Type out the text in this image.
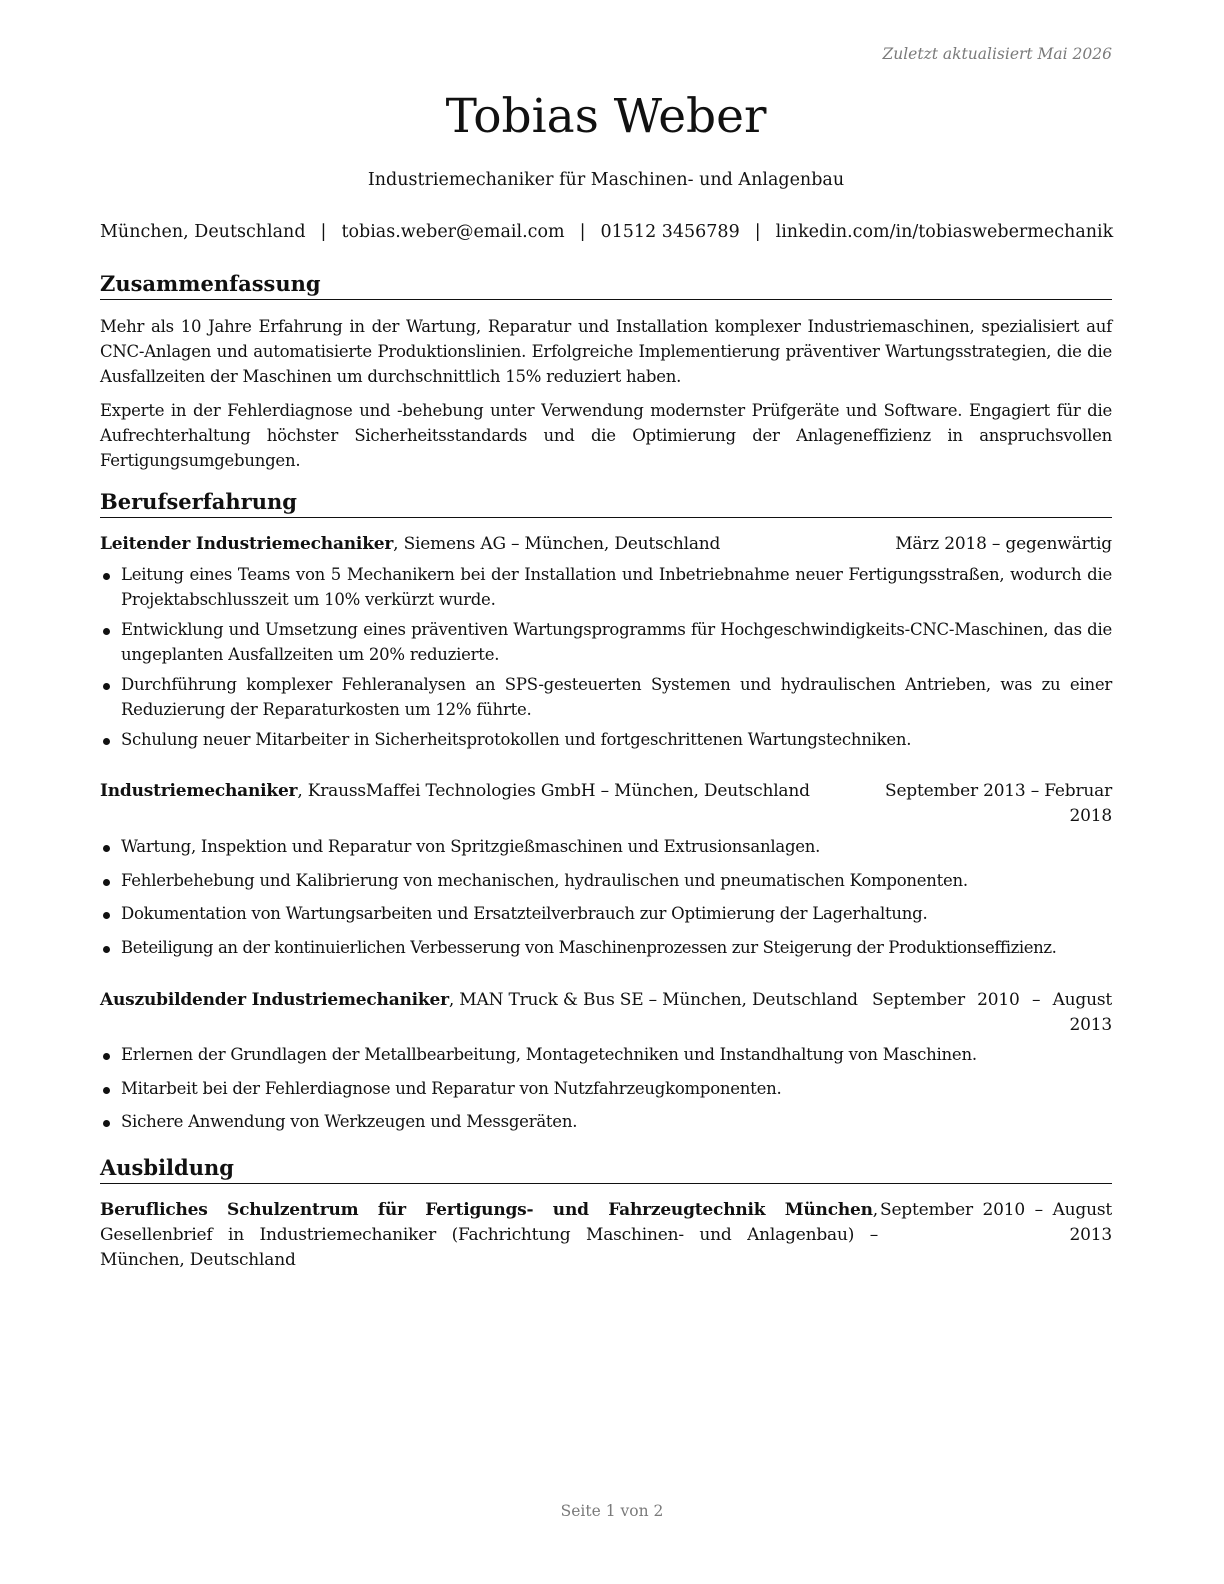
Zuletzt aktualisiert Mai 2026
Tobias Weber
Industriemechaniker für Maschinen- und Anlagenbau
München, Deutschland | tobias.weber@email.com | 01512 3456789 | linkedin.com/in/tobiaswebermechanik
Zusammenfassung

Mehr als 10 Jahre Erfahrung in der Wartung, Reparatur und Installation komplexer Industriemaschinen, spezialisiert auf CNC-Anlagen und automatisierte Produktionslinien. Erfolgreiche Implementierung präventiver Wartungsstrategien, die die Ausfallzeiten der Maschinen um durchschnittlich 15% reduziert haben.

Experte in der Fehlerdiagnose und -behebung unter Verwendung modernster Prüfgeräte und Software. Engagiert für die Aufrechterhaltung höchster Sicherheitsstandards und die Optimierung der Anlageneffizienz in anspruchsvollen Fertigungsumgebungen.

Berufserfahrung
Leitender Industriemechaniker, Siemens AG – München, Deutschland	März 2018 – gegenwärtig
Leitung eines Teams von 5 Mechanikern bei der Installation und Inbetriebnahme neuer Fertigungsstraßen, wodurch die Projektabschlusszeit um 10% verkürzt wurde.
Entwicklung und Umsetzung eines präventiven Wartungsprogramms für Hochgeschwindigkeits-CNC-Maschinen, das die ungeplanten Ausfallzeiten um 20% reduzierte.
Durchführung komplexer Fehleranalysen an SPS-gesteuerten Systemen und hydraulischen Antrieben, was zu einer Reduzierung der Reparaturkosten um 12% führte.
Schulung neuer Mitarbeiter in Sicherheitsprotokollen und fortgeschrittenen Wartungstechniken.
Industriemechaniker, KraussMaffei Technologies GmbH – München, Deutschland	September 2013 – Februar 2018
Wartung, Inspektion und Reparatur von Spritzgießmaschinen und Extrusionsanlagen.
Fehlerbehebung und Kalibrierung von mechanischen, hydraulischen und pneumatischen Komponenten.
Dokumentation von Wartungsarbeiten und Ersatzteilverbrauch zur Optimierung der Lagerhaltung.
Beteiligung an der kontinuierlichen Verbesserung von Maschinenprozessen zur Steigerung der Produktionseffizienz.
Auszubildender Industriemechaniker, MAN Truck & Bus SE – München, Deutschland September 2010 – August 2013
Erlernen der Grundlagen der Metallbearbeitung, Montagetechniken und Instandhaltung von Maschinen.
Mitarbeit bei der Fehlerdiagnose und Reparatur von Nutzfahrzeugkomponenten.
Sichere Anwendung von Werkzeugen und Messgeräten.
Ausbildung
Berufliches Schulzentrum für Fertigungs- und Fahrzeugtechnik München, Gesellenbrief in Industriemechaniker (Fachrichtung Maschinen- und Anlagenbau) – München, Deutschland
September 2010 – August 2013
Seite 1 von 2
